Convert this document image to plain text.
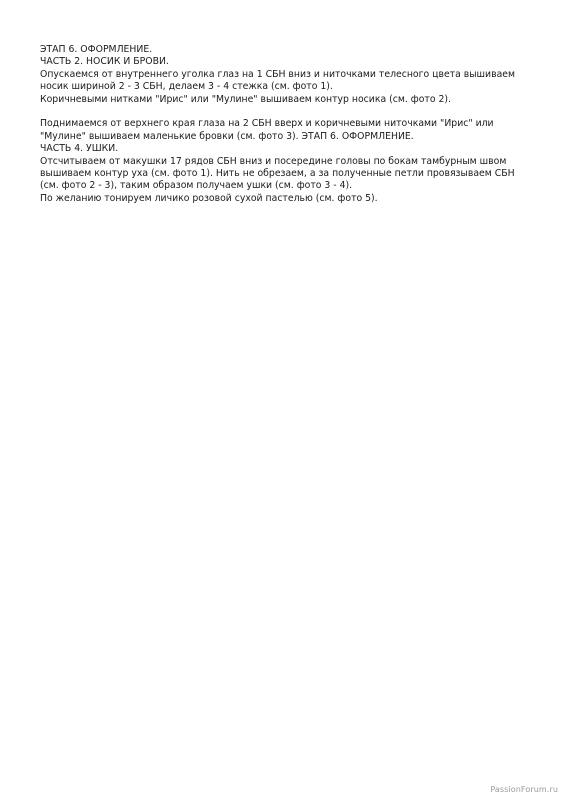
ЭТАП 6. ОФОРМЛЕНИЕ.
ЧАСТЬ 2. НОСИК И БРОВИ.
Опускаемся от внутреннего уголка глаз на 1 СБН вниз и ниточками телесного цвета вышиваем
носик шириной 2 - 3 СБН, делаем 3 - 4 стежка (см. фото 1).
Коричневыми нитками "Ирис" или "Мулине" вышиваем контур носика (см. фото 2).
Поднимаемся от верхнего края глаза на 2 СБН вверх и коричневыми ниточками "Ирис" или
"Мулине" вышиваем маленькие бровки (см. фото 3). ЭТАП 6. ОФОРМЛЕНИЕ.
ЧАСТЬ 4. УШКИ.
Отсчитываем от макушки 17 рядов СБН вниз и посередине головы по бокам тамбурным швом
вышиваем контур уха (см. фото 1). Нить не обрезаем, а за полученные петли провязываем СБН
(см. фото 2 - 3), таким образом получаем ушки (см. фото 3 - 4).
По желанию тонируем личико розовой сухой пастелью (см. фото 5).
PassionForum.ru
